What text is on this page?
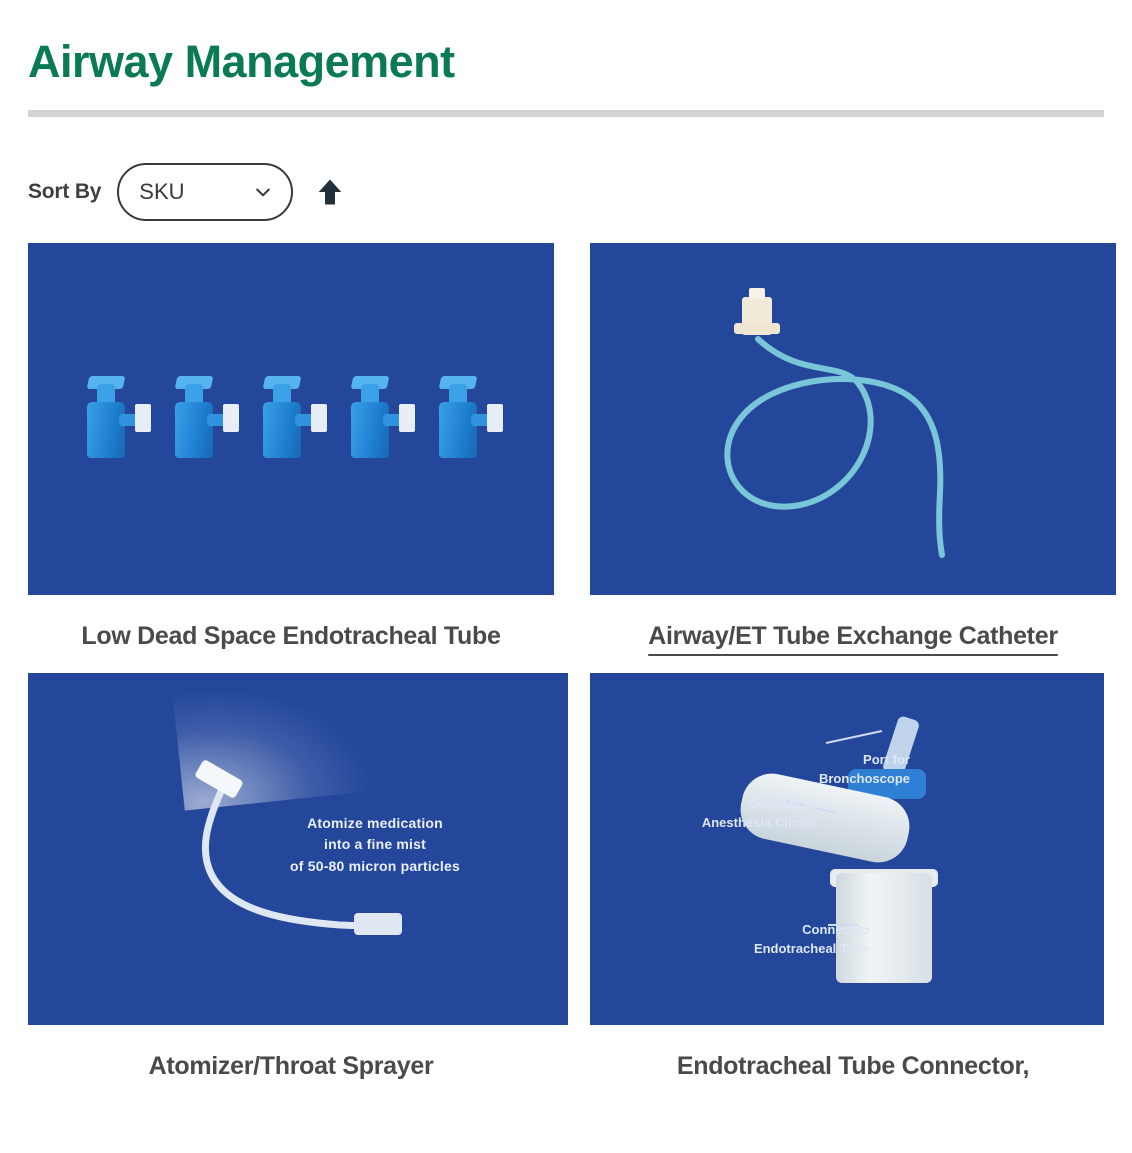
Airway Management
Sort By SKU
Low Dead Space Endotracheal Tube	Airway/ET Tube Exchange Catheter
Atomize medication
into a fine mist
of 50-80 micron particles
Atomizer/Throat Sprayer
Port for
Bronchoscope
Connect to
Anesthesia Circuit
Connect to
Endotracheal Tube
Endotracheal Tube Connector,
